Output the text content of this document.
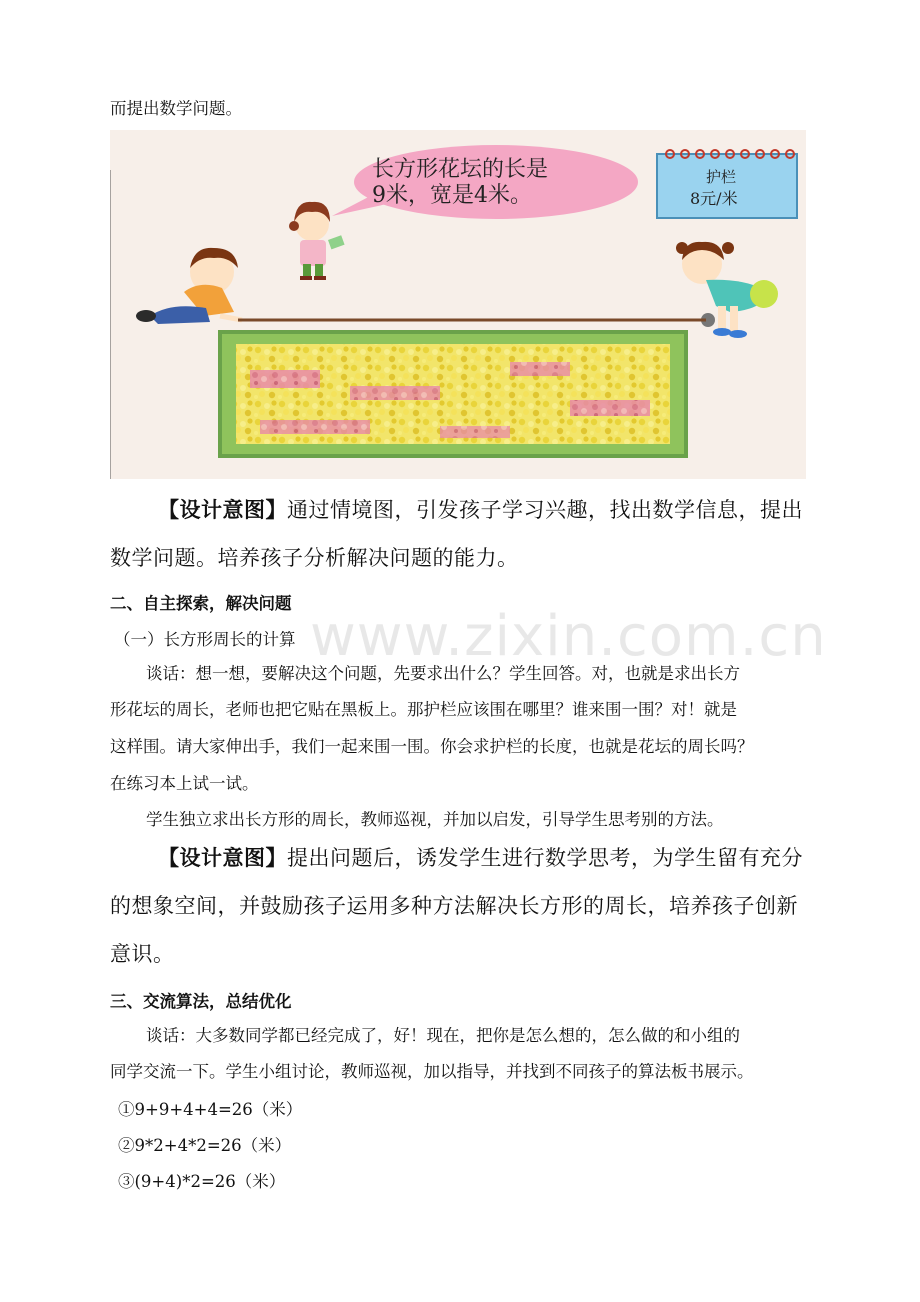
而提出数学问题。
长方形花坛的长是
9米，宽是4米。
护栏
8元/米
【设计意图】通过情境图，引发孩子学习兴趣，找出数学信息，提出
数学问题。培养孩子分析解决问题的能力。
二、自主探索，解决问题
（一）长方形周长的计算
谈话：想一想，要解决这个问题，先要求出什么？学生回答。对，也就是求出长方
形花坛的周长，老师也把它贴在黑板上。那护栏应该围在哪里？谁来围一围？对！就是
这样围。请大家伸出手，我们一起来围一围。你会求护栏的长度，也就是花坛的周长吗？
在练习本上试一试。
学生独立求出长方形的周长，教师巡视，并加以启发，引导学生思考别的方法。
【设计意图】提出问题后，诱发学生进行数学思考，为学生留有充分
的想象空间，并鼓励孩子运用多种方法解决长方形的周长，培养孩子创新
意识。
三、交流算法，总结优化
谈话：大多数同学都已经完成了，好！现在，把你是怎么想的，怎么做的和小组的
同学交流一下。学生小组讨论，教师巡视，加以指导，并找到不同孩子的算法板书展示。
①9+9+4+4=26（米）
②9*2+4*2=26（米）
③(9+4)*2=26（米）
www.zixin.com.cn
